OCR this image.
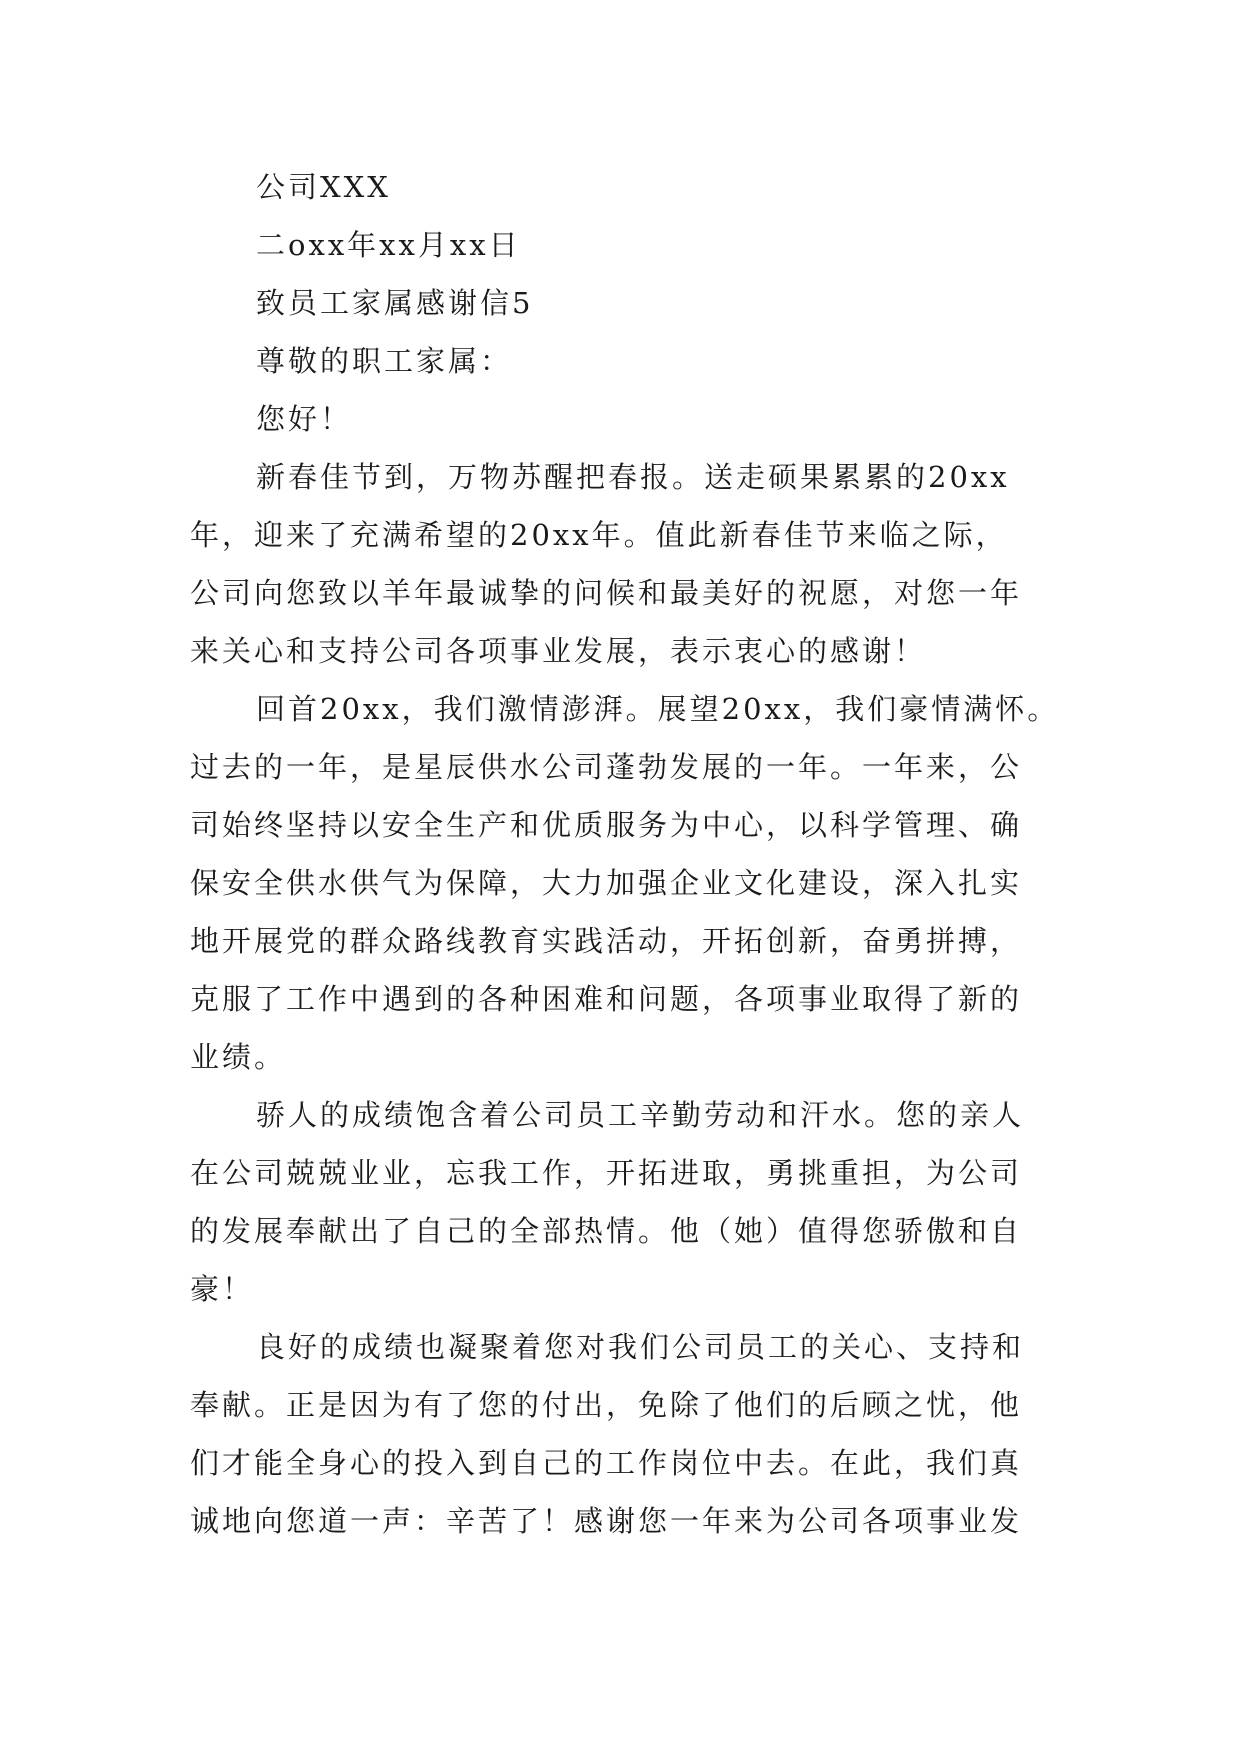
公司XXX
二oxx年xx月xx日
致员工家属感谢信5
尊敬的职工家属：
您好！
新春佳节到，万物苏醒把春报。送走硕果累累的20xx
年，迎来了充满希望的20xx年。值此新春佳节来临之际，
公司向您致以羊年最诚挚的问候和最美好的祝愿，对您一年
来关心和支持公司各项事业发展，表示衷心的感谢！
回首20xx，我们激情澎湃。展望20xx，我们豪情满怀。
过去的一年，是星辰供水公司蓬勃发展的一年。一年来，公
司始终坚持以安全生产和优质服务为中心，以科学管理、确
保安全供水供气为保障，大力加强企业文化建设，深入扎实
地开展党的群众路线教育实践活动，开拓创新，奋勇拼搏，
克服了工作中遇到的各种困难和问题，各项事业取得了新的
业绩。
骄人的成绩饱含着公司员工辛勤劳动和汗水。您的亲人
在公司兢兢业业，忘我工作，开拓进取，勇挑重担，为公司
的发展奉献出了自己的全部热情。他（她）值得您骄傲和自
豪！
良好的成绩也凝聚着您对我们公司员工的关心、支持和
奉献。正是因为有了您的付出，免除了他们的后顾之忧，他
们才能全身心的投入到自己的工作岗位中去。在此，我们真
诚地向您道一声：辛苦了！感谢您一年来为公司各项事业发
